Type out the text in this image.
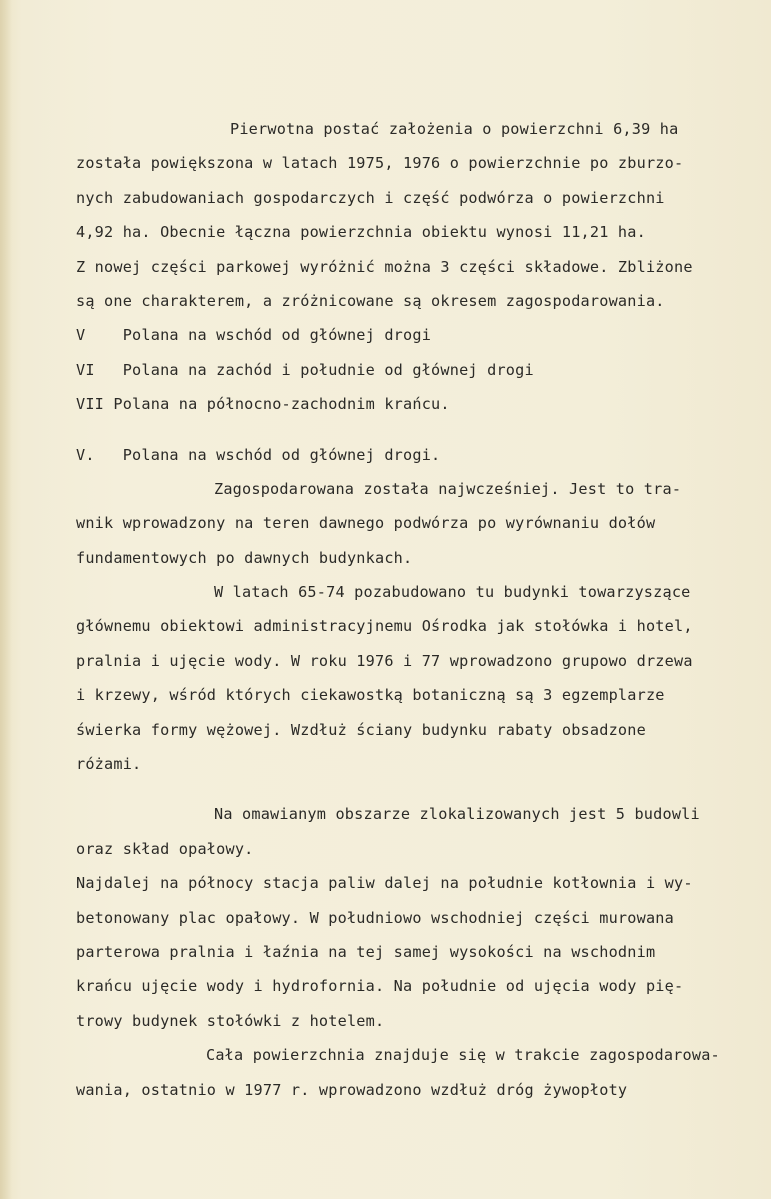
Pierwotna postać założenia o powierzchni 6,39 ha
została powiększona w latach 1975, 1976 o powierzchnie po zburzo-
nych zabudowaniach gospodarczych i część podwórza o powierzchni
4,92 ha. Obecnie łączna powierzchnia obiektu wynosi 11,21 ha.
Z nowej części parkowej wyróżnić można 3 części składowe. Zbliżone
są one charakterem, a zróżnicowane są okresem zagospodarowania.
V    Polana na wschód od głównej drogi
VI   Polana na zachód i południe od głównej drogi
VII Polana na północno-zachodnim krańcu.
V.   Polana na wschód od głównej drogi.
Zagospodarowana została najwcześniej. Jest to tra-
wnik wprowadzony na teren dawnego podwórza po wyrównaniu dołów
fundamentowych po dawnych budynkach.
W latach 65-74 pozabudowano tu budynki towarzyszące
głównemu obiektowi administracyjnemu Ośrodka jak stołówka i hotel,
pralnia i ujęcie wody. W roku 1976 i 77 wprowadzono grupowo drzewa
i krzewy, wśród których ciekawostką botaniczną są 3 egzemplarze
świerka formy wężowej. Wzdłuż ściany budynku rabaty obsadzone
różami.
Na omawianym obszarze zlokalizowanych jest 5 budowli
oraz skład opałowy.
Najdalej na północy stacja paliw dalej na południe kotłownia i wy-
betonowany plac opałowy. W południowo wschodniej części murowana
parterowa pralnia i łaźnia na tej samej wysokości na wschodnim
krańcu ujęcie wody i hydrofornia. Na południe od ujęcia wody pię-
trowy budynek stołówki z hotelem.
Cała powierzchnia znajduje się w trakcie zagospodarowa-
wania, ostatnio w 1977 r. wprowadzono wzdłuż dróg żywopłoty
